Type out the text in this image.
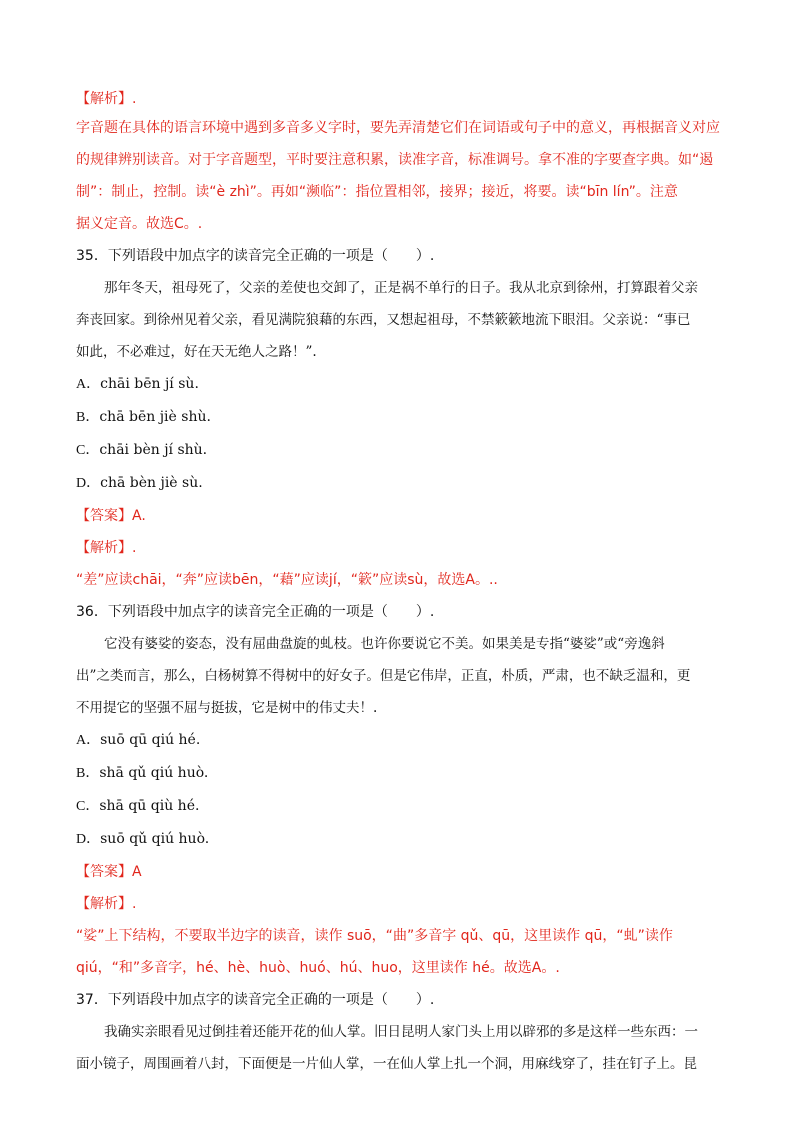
【解析】.

字音题在具体的语言环境中遇到多音多义字时，要先弄清楚它们在词语或句子中的意义，再根据音义对应

的规律辨别读音。对于字音题型，平时要注意积累，读准字音，标准调号。拿不准的字要查字典。如“遏

制”：制止，控制。读“è zhì”。再如“濒临”：指位置相邻，接界；接近，将要。读“bīn lín”。注意

据义定音。故选C。.

35．下列语段中加点字的读音完全正确的一项是（　　）.

那年冬天，祖母死了，父亲的差使也交卸了，正是祸不单行的日子。我从北京到徐州，打算跟着父亲

奔丧回家。到徐州见着父亲，看见满院狼藉的东西，又想起祖母，不禁簌簌地流下眼泪。父亲说：“事已

如此，不必难过，好在天无绝人之路！”.

A．chāi bēn jí sù.

B．chā bēn jiè shù.

C．chāi bèn jí shù.

D．chā bèn jiè sù.

【答案】A.

【解析】.

“差”应读chāi，“奔”应读bēn，“藉”应读jí，“簌”应读sù，故选A。..

36．下列语段中加点字的读音完全正确的一项是（　　）.

它没有婆娑的姿态，没有屈曲盘旋的虬枝。也许你要说它不美。如果美是专指“婆娑”或“旁逸斜

出”之类而言，那么，白杨树算不得树中的好女子。但是它伟岸，正直，朴质，严肃，也不缺乏温和，更

不用提它的坚强不屈与挺拔，它是树中的伟丈夫！.

A．suō qū qiú hé.

B．shā qǔ qiú huò.

C．shā qū qiù hé.

D．suō qǔ qiú huò.

【答案】A

【解析】.

“娑”上下结构，不要取半边字的读音，读作 suō，“曲”多音字 qǔ、qū，这里读作 qū，“虬”读作

qiú，“和”多音字，hé、hè、huò、huó、hú、huo，这里读作 hé。故选A。.

37．下列语段中加点字的读音完全正确的一项是（　　）.

我确实亲眼看见过倒挂着还能开花的仙人掌。旧日昆明人家门头上用以辟邪的多是这样一些东西：一

面小镜子，周围画着八封，下面便是一片仙人掌，一在仙人掌上扎一个洞，用麻线穿了，挂在钉子上。昆
